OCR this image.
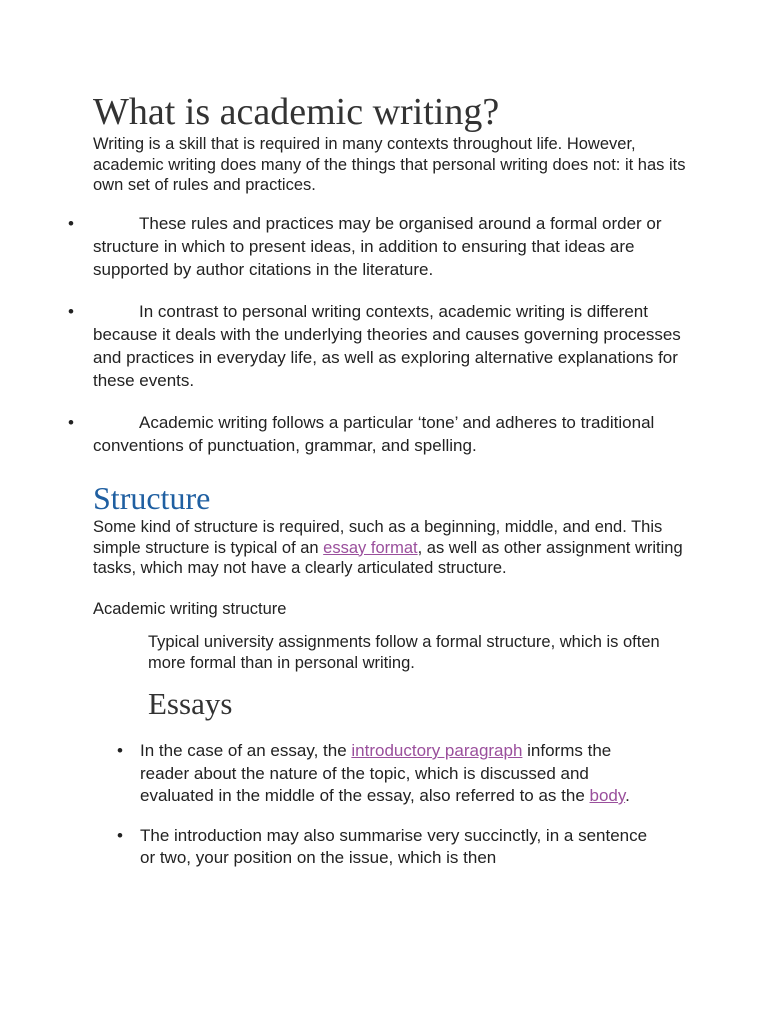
What is academic writing?

Writing is a skill that is required in many contexts throughout life. However, academic writing does many of the things that personal writing does not: it has its own set of rules and practices.

•	These rules and practices may be organised around a formal order or structure in which to present ideas, in addition to ensuring that ideas are supported by author citations in the literature.
•	In contrast to personal writing contexts, academic writing is different because it deals with the underlying theories and causes governing processes and practices in everyday life, as well as exploring alternative explanations for these events.
•	Academic writing follows a particular ‘tone’ and adheres to traditional conventions of punctuation, grammar, and spelling.
Structure

Some kind of structure is required, such as a beginning, middle, and end. This simple structure is typical of an essay format, as well as other assignment writing tasks, which may not have a clearly articulated structure.

Academic writing structure

Typical university assignments follow a formal structure, which is often more formal than in personal writing.

Essays
• In the case of an essay, the introductory paragraph informs the reader about the nature of the topic, which is discussed and evaluated in the middle of the essay, also referred to as the body.
• The introduction may also summarise very succinctly, in a sentence or two, your position on the issue, which is then
